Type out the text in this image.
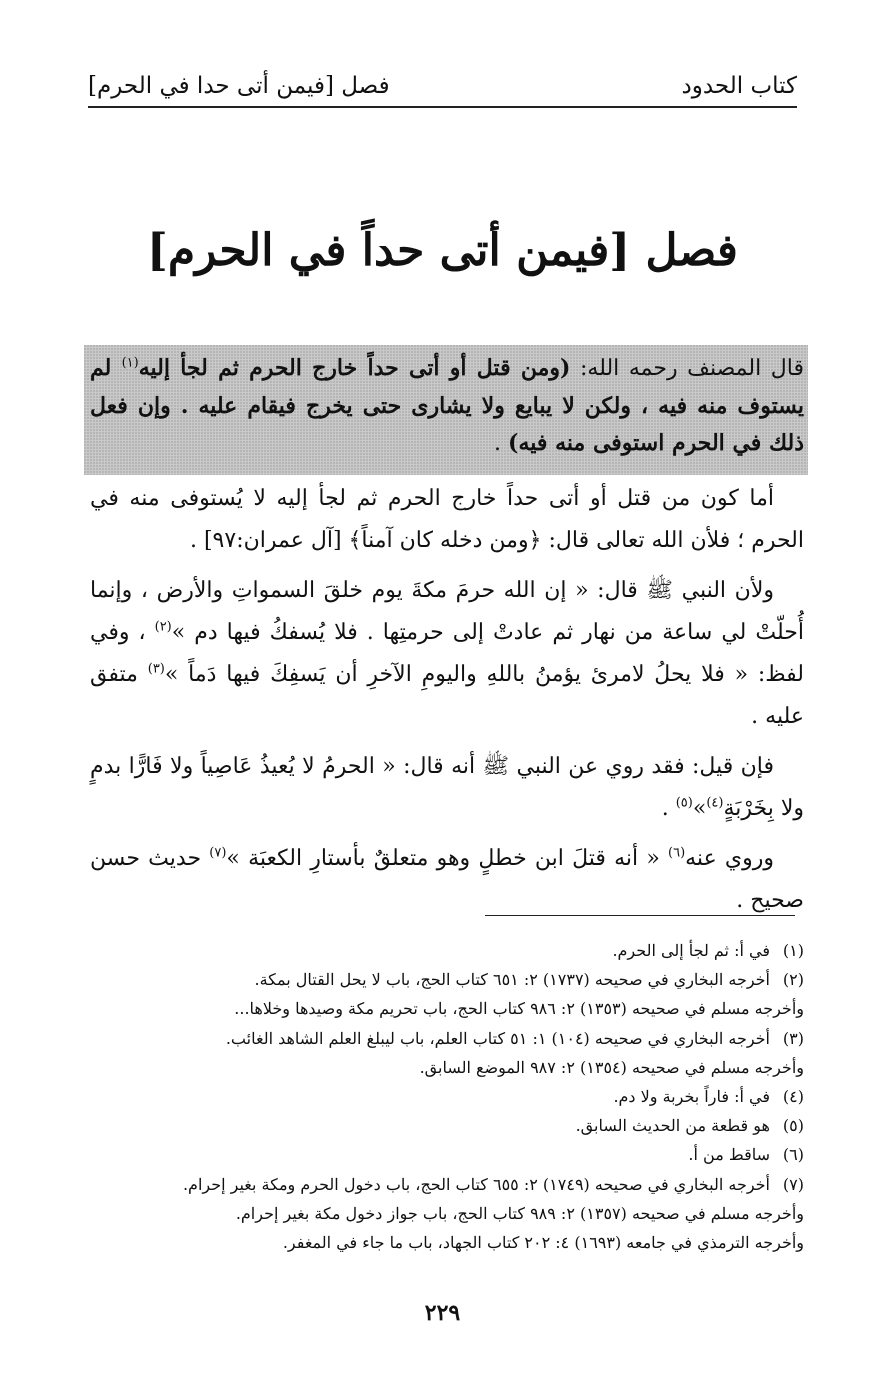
كتاب الحدود
فصل [فيمن أتى حدا في الحرم]
فصل [فيمن أتى حداً في الحرم]
قال المصنف رحمه الله: (ومن قتل أو أتى حداً خارج الحرم ثم لجأ إليه$^{(١)}$ لم يستوف منه فيه ، ولكن لا يبايع ولا يشارى حتى يخرج فيقام عليه . وإن فعل ذلك في الحرم استوفى منه فيه) .

أما كون من قتل أو أتى حداً خارج الحرم ثم لجأ إليه لا يُستوفى منه في الحرم ؛ فلأن الله تعالى قال: ﴿ومن دخله كان آمناً﴾ [آل عمران:٩٧] .

ولأن النبي ﷺ قال: « إن الله حرمَ مكةَ يوم خلقَ السمواتِ والأرض ، وإنما أُحلّتْ لي ساعة من نهار ثم عادتْ إلى حرمتِها . فلا يُسفكُ فيها دم »$^{(٢)}$ ، وفي لفظ: « فلا يحلُ لامرئ يؤمنُ باللهِ واليومِ الآخرِ أن يَسفِكَ فيها دَماً »$^{(٣)}$ متفق عليه .

فإن قيل: فقد روي عن النبي ﷺ أنه قال: « الحرمُ لا يُعيذُ عَاصِياً ولا فَارًّا بدمٍ ولا بِخَرْبَةٍ$^{(٤)}$»$^{(٥)}$ .

وروي عنه$^{(٦)}$ « أنه قتلَ ابن خطلٍ وهو متعلقٌ بأستارِ الكعبَة »$^{(٧)}$ حديث حسن صحيح .

(١)
في أ: ثم لجأ إلى الحرم.
(٢)
أخرجه البخاري في صحيحه (١٧٣٧) ٢: ٦٥١ كتاب الحج، باب لا يحل القتال بمكة.
وأخرجه مسلم في صحيحه (١٣٥٣) ٢: ٩٨٦ كتاب الحج، باب تحريم مكة وصيدها وخلاها...
(٣)
أخرجه البخاري في صحيحه (١٠٤) ١: ٥١ كتاب العلم، باب ليبلغ العلم الشاهد الغائب.
وأخرجه مسلم في صحيحه (١٣٥٤) ٢: ٩٨٧ الموضع السابق.
(٤)
في أ: فاراً بخربة ولا دم.
(٥)
هو قطعة من الحديث السابق.
(٦)
ساقط من أ.
(٧)
أخرجه البخاري في صحيحه (١٧٤٩) ٢: ٦٥٥ كتاب الحج، باب دخول الحرم ومكة بغير إحرام.
وأخرجه مسلم في صحيحه (١٣٥٧) ٢: ٩٨٩ كتاب الحج، باب جواز دخول مكة بغير إحرام.
وأخرجه الترمذي في جامعه (١٦٩٣) ٤: ٢٠٢ كتاب الجهاد، باب ما جاء في المغفر.
٢٢٩
